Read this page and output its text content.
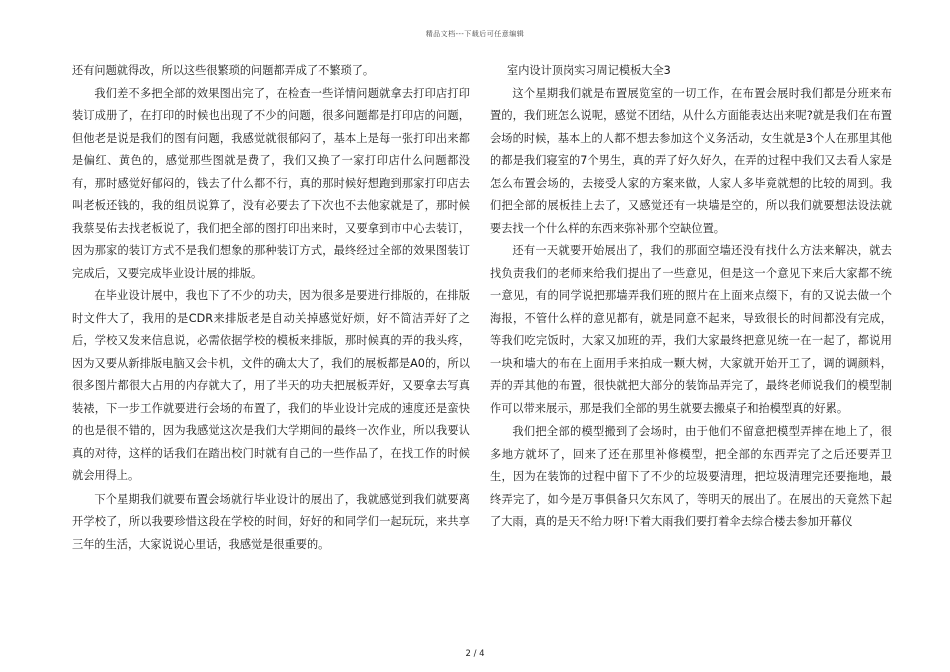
精品文档---下载后可任意编辑

还有问题就得改，所以这些很繁琐的问题都弄成了不繁琐了。

我们差不多把全部的效果图出完了，在检查一些详情问题就拿去打印店打印装订成册了，在打印的时候也出现了不少的问题，很多问题都是打印店的问题，但他老是说是我们的图有问题，我感觉就很郁闷了，基本上是每一张打印出来都是偏红、黄色的，感觉那些图就是费了，我们又换了一家打印店什么问题都没有，那时感觉好郁闷的，钱去了什么都不行，真的那时候好想跑到那家打印店去叫老板还钱的，我的组员说算了，没有必要去了下次也不去他家就是了，那时候我蔡旻佑去找老板说了，我们把全部的图打印出来时，又要拿到市中心去装订，因为那家的装订方式不是我们想象的那种装订方式，最终经过全部的效果图装订完成后，又要完成毕业设计展的排版。

在毕业设计展中，我也下了不少的功夫，因为很多是要进行排版的，在排版时文件大了，我用的是CDR来排版老是自动关掉感觉好烦，好不简洁弄好了之后，学校又发来信息说，必需依据学校的模板来排版，那时候真的弄的我头疼，因为又要从新排版电脑又会卡机，文件的确太大了，我们的展板都是A0的，所以很多图片都很大占用的内存就大了，用了半天的功夫把展板弄好，又要拿去写真装裱，下一步工作就要进行会场的布置了，我们的毕业设计完成的速度还是蛮快的也是很不错的，因为我感觉这次是我们大学期间的最终一次作业，所以我要认真的对待，这样的话我们在踏出校门时就有自己的一些作品了，在找工作的时候就会用得上。

下个星期我们就要布置会场就行毕业设计的展出了，我就感觉到我们就要离开学校了，所以我要珍惜这段在学校的时间，好好的和同学们一起玩玩，来共享三年的生活，大家说说心里话，我感觉是很重要的。

室内设计顶岗实习周记模板大全3

这个星期我们就是布置展览室的一切工作，在布置会展时我们都是分班来布置的，我们班怎么说呢，感觉不团结，从什么方面能表达出来呢?就是我们在布置会场的时候，基本上的人都不想去参加这个义务活动，女生就是3个人在那里其他的都是我们寝室的7个男生，真的弄了好久好久，在弄的过程中我们又去看人家是怎么布置会场的，去接受人家的方案来做，人家人多毕竟就想的比较的周到。我们把全部的展板挂上去了，又感觉还有一块墙是空的，所以我们就要想法设法就要去找一个什么样的东西来弥补那个空缺位置。

还有一天就要开始展出了，我们的那面空墙还没有找什么方法来解决，就去找负责我们的老师来给我们提出了一些意见，但是这一个意见下来后大家都不统一意见，有的同学说把那墙弄我们班的照片在上面来点缀下，有的又说去做一个海报，不管什么样的意见都有，就是同意不起来，导致很长的时间都没有完成，等我们吃完饭时，大家又加班的弄，我们大家最终把意见统一在一起了，都说用一块和墙大的布在上面用手来拍成一颗大树，大家就开始开工了，调的调颜料，弄的弄其他的布置，很快就把大部分的装饰品弄完了，最终老师说我们的模型制作可以带来展示，那是我们全部的男生就要去搬桌子和抬模型真的好累。

我们把全部的模型搬到了会场时，由于他们不留意把模型弄摔在地上了，很多地方就坏了，回来了还在那里补修模型，把全部的东西弄完了之后还要弄卫生，因为在装饰的过程中留下了不少的垃圾要清理，把垃圾清理完还要拖地，最终弄完了，如今是万事俱备只欠东风了，等明天的展出了。在展出的天竟然下起了大雨，真的是天不给力呀!下着大雨我们要打着伞去综合楼去参加开幕仪

2 / 4
